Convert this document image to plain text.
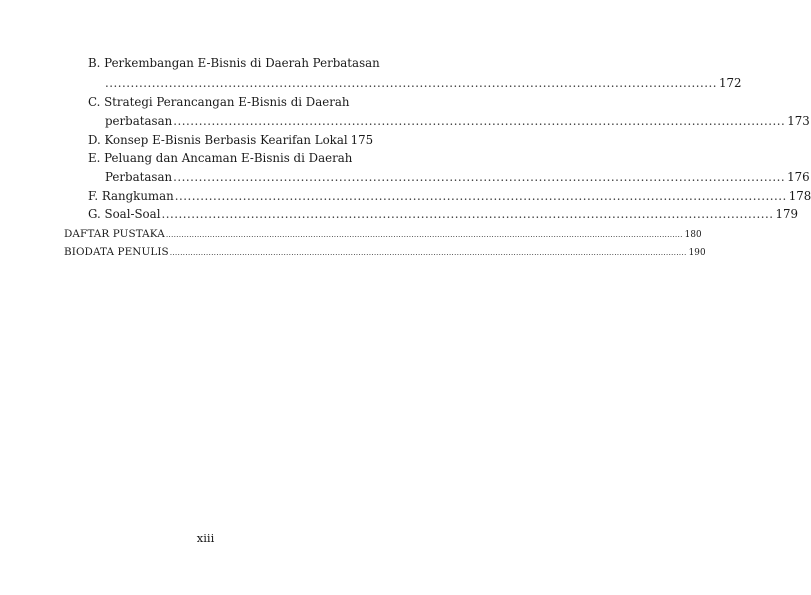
B. Perkembangan E-Bisnis di Daerah Perbatasan
................................................................................................................................................ 172
C. Strategi Perancangan E-Bisnis di Daerah
perbatasan ................................................................................................................................................ 173
D. Konsep E-Bisnis Berbasis Kearifan Lokal 175
E. Peluang dan Ancaman E-Bisnis di Daerah
Perbatasan ................................................................................................................................................ 176
F. Rangkuman ................................................................................................................................................ 178
G. Soal-Soal ................................................................................................................................................ 179
DAFTAR PUSTAKA ........................................................................................................................................................................................................ 180
BIODATA PENULIS ........................................................................................................................................................................................................ 190
xiii
